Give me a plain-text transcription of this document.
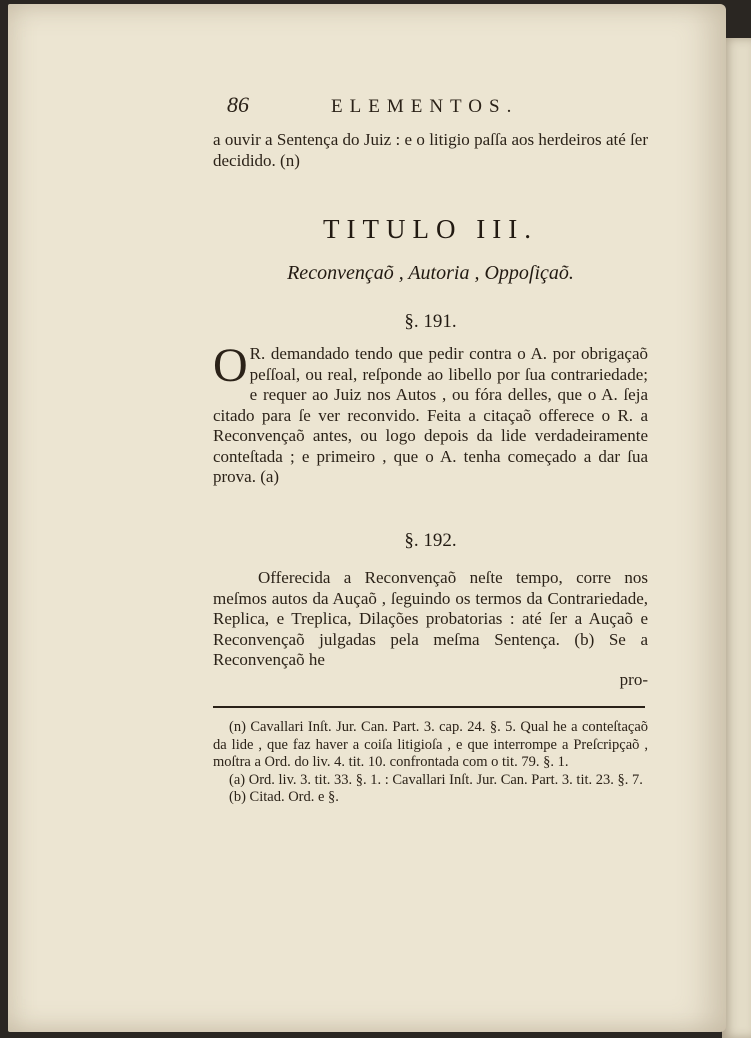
86	ELEMENTOS.
a ouvir a Sentença do Juiz : e o litigio paſſa aos herdeiros até ſer decidido. (n)
TITULO III.
Reconvençaõ , Autoria , Oppoſiçaõ.
§. 191.
O R. demandado tendo que pedir contra o A. por obrigaçaõ peſſoal, ou real, reſponde ao libello por ſua contrariedade; e requer ao Juiz nos Autos , ou fóra delles, que o A. ſeja citado para ſe ver reconvido. Feita a citaçaõ offerece o R. a Reconvençaõ antes, ou logo depois da lide verdadeiramente conteſtada ; e primeiro , que o A. tenha começado a dar ſua prova. (a)
§. 192.
Offerecida a Reconvençaõ neſte tempo, corre nos meſmos autos da Auçaõ , ſeguindo os termos da Contrariedade, Replica, e Treplica, Dilações probatorias : até ſer a Auçaõ e Reconvençaõ julgadas pela meſma Sentença. (b) Se a Reconvençaõ he
pro-
(n) Cavallari Inſt. Jur. Can. Part. 3. cap. 24. §. 5. Qual he a conteſtaçaõ da lide , que faz haver a coiſa litigioſa , e que interrompe a Preſcripçaõ , moſtra a Ord. do liv. 4. tit. 10. confrontada com o tit. 79. §. 1.
(a) Ord. liv. 3. tit. 33. §. 1. : Cavallari Inſt. Jur. Can. Part. 3. tit. 23. §. 7.
(b) Citad. Ord. e §.
